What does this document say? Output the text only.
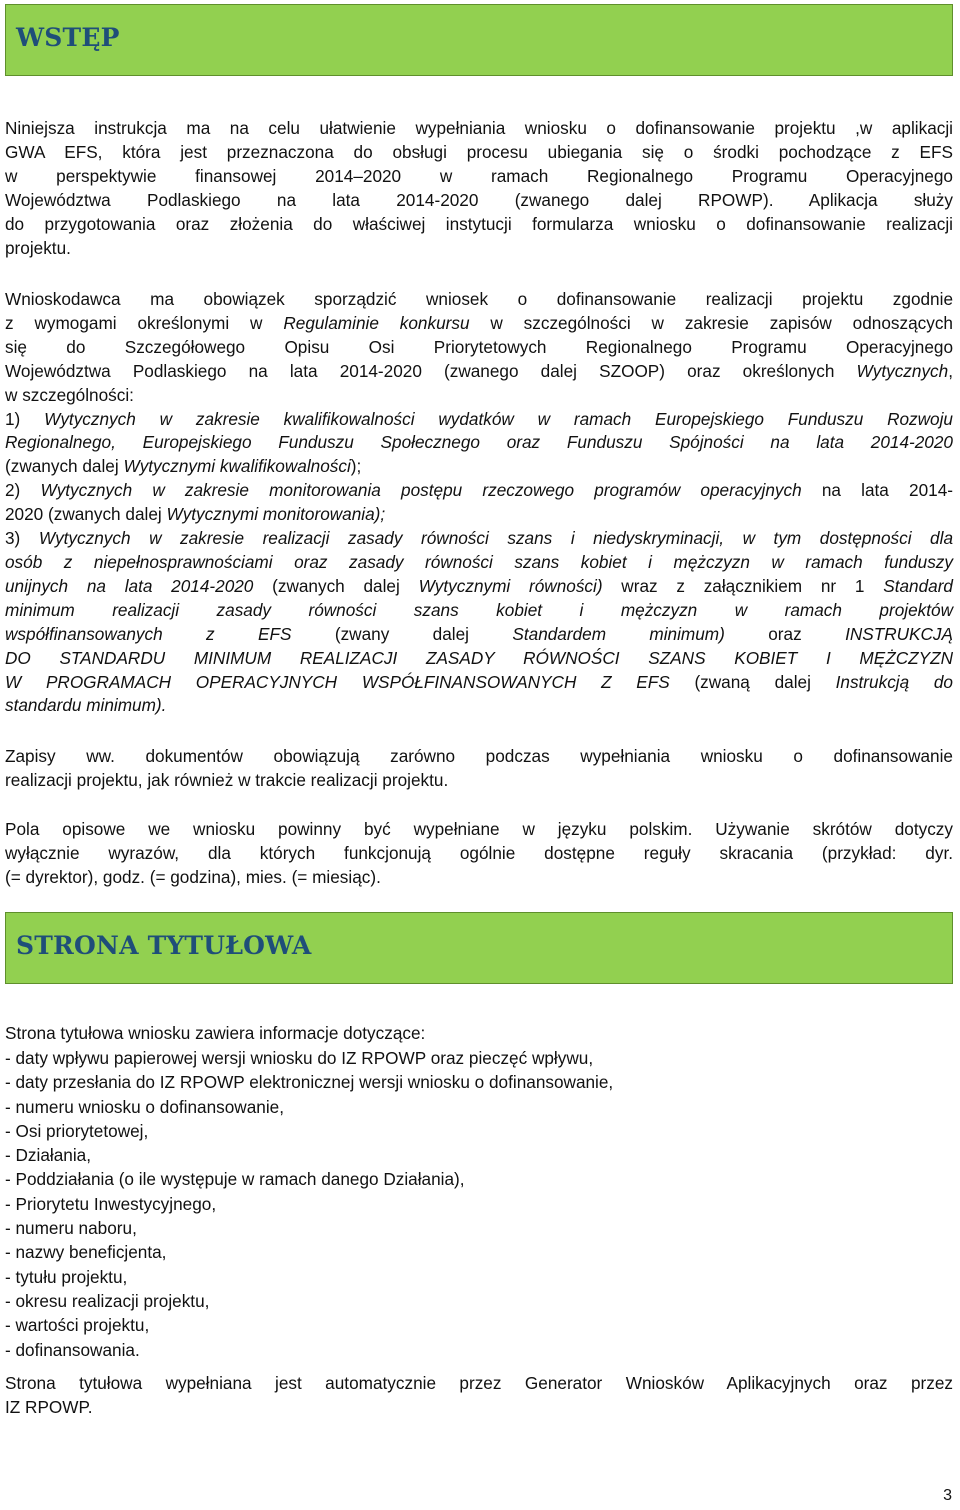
WSTĘP
Niniejsza instrukcja ma na celu ułatwienie wypełniania wniosku o dofinansowanie projektu ,w aplikacji
GWA EFS, która jest przeznaczona do obsługi procesu ubiegania się o środki pochodzące z EFS
w perspektywie finansowej 2014–2020 w ramach Regionalnego Programu Operacyjnego
Województwa Podlaskiego na lata 2014-2020 (zwanego dalej RPOWP). Aplikacja służy
do przygotowania oraz złożenia do właściwej instytucji formularza wniosku o dofinansowanie realizacji
projektu.
Wnioskodawca ma obowiązek sporządzić wniosek o dofinansowanie realizacji projektu zgodnie
z wymogami określonymi w Regulaminie konkursu w szczególności w zakresie zapisów odnoszących
się do Szczegółowego Opisu Osi Priorytetowych Regionalnego Programu Operacyjnego
Województwa Podlaskiego na lata 2014-2020 (zwanego dalej SZOOP) oraz określonych Wytycznych,
w szczególności:
1) Wytycznych w zakresie kwalifikowalności wydatków w ramach Europejskiego Funduszu Rozwoju
Regionalnego, Europejskiego Funduszu Społecznego oraz Funduszu Spójności na lata 2014-2020
(zwanych dalej Wytycznymi kwalifikowalności);
2) Wytycznych w zakresie monitorowania postępu rzeczowego programów operacyjnych na lata 2014-
2020 (zwanych dalej Wytycznymi monitorowania);
3) Wytycznych w zakresie realizacji zasady równości szans i niedyskryminacji, w tym dostępności dla
osób z niepełnosprawnościami oraz zasady równości szans kobiet i mężczyzn w ramach funduszy
unijnych na lata 2014-2020 (zwanych dalej Wytycznymi równości) wraz z załącznikiem nr 1 Standard
minimum realizacji zasady równości szans kobiet i mężczyzn w ramach projektów
współfinansowanych z EFS (zwany dalej Standardem minimum) oraz INSTRUKCJĄ
DO STANDARDU MINIMUM REALIZACJI ZASADY RÓWNOŚCI SZANS KOBIET I MĘŻCZYZN
W PROGRAMACH OPERACYJNYCH WSPÓŁFINANSOWANYCH Z EFS (zwaną dalej Instrukcją do
standardu minimum).
Zapisy ww. dokumentów obowiązują zarówno podczas wypełniania wniosku o dofinansowanie
realizacji projektu, jak również w trakcie realizacji projektu.
Pola opisowe we wniosku powinny być wypełniane w języku polskim. Używanie skrótów dotyczy
wyłącznie wyrazów, dla których funkcjonują ogólnie dostępne reguły skracania (przykład: dyr.
(= dyrektor), godz. (= godzina), mies. (= miesiąc).
STRONA TYTUŁOWA
Strona tytułowa wniosku zawiera informacje dotyczące:
- daty wpływu papierowej wersji wniosku do IZ RPOWP oraz pieczęć wpływu,
- daty przesłania do IZ RPOWP elektronicznej wersji wniosku o dofinansowanie,
- numeru wniosku o dofinansowanie,
- Osi priorytetowej,
- Działania,
- Poddziałania (o ile występuje w ramach danego Działania),
- Priorytetu Inwestycyjnego,
- numeru naboru,
- nazwy beneficjenta,
- tytułu projektu,
- okresu realizacji projektu,
- wartości projektu,
- dofinansowania.
Strona tytułowa wypełniana jest automatycznie przez Generator Wniosków Aplikacyjnych oraz przez
IZ RPOWP.
3
